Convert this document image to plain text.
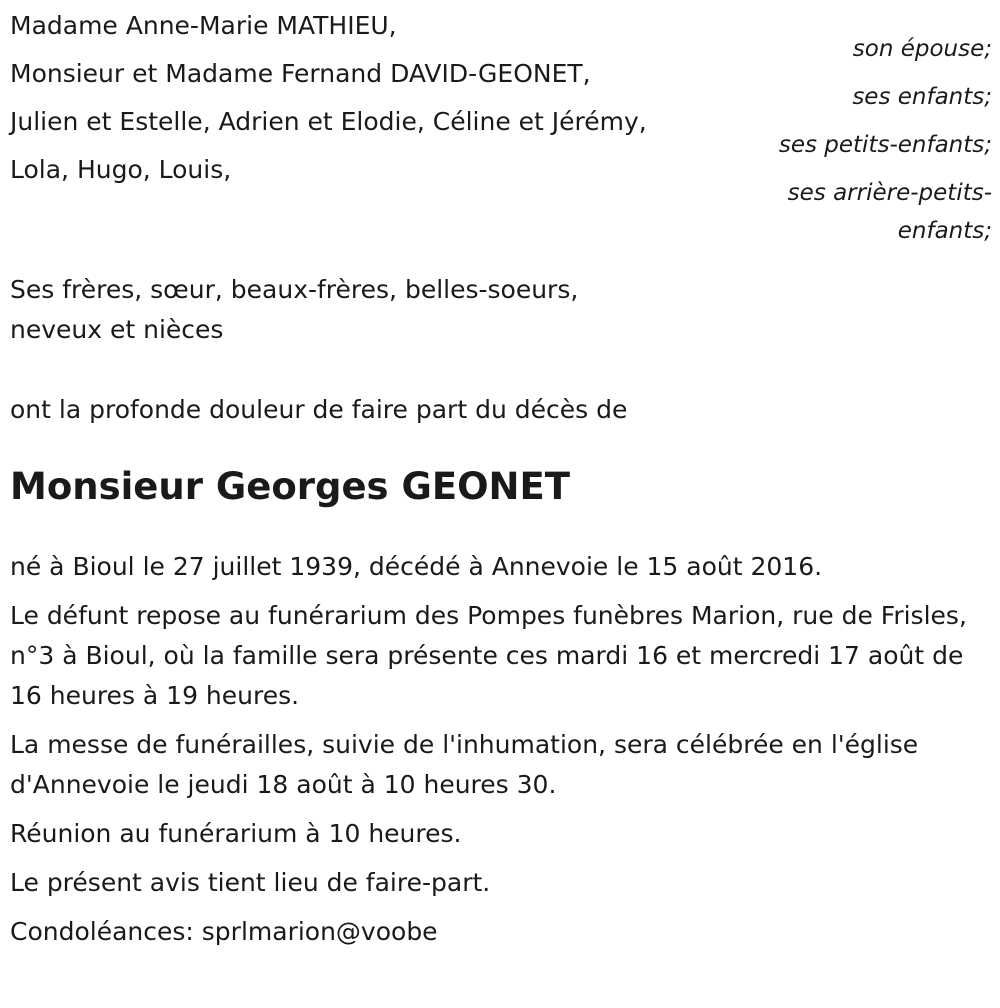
Madame Anne-Marie MATHIEU,
son épouse;
Monsieur et Madame Fernand DAVID-GEONET,
ses enfants;
Julien et Estelle, Adrien et Elodie, Céline et Jérémy,
ses petits-enfants;
Lola, Hugo, Louis,
ses arrière-petits-enfants;
Ses frères, sœur, beaux-frères, belles-soeurs,
neveux et nièces
ont la profonde douleur de faire part du décès de
Monsieur Georges GEONET
né à Bioul le 27 juillet 1939, décédé à Annevoie le 15 août 2016.
Le défunt repose au funérarium des Pompes funèbres Marion, rue de Frisles, n°3 à Bioul, où la famille sera présente ces mardi 16 et mercredi 17 août de 16 heures à 19 heures.
La messe de funérailles, suivie de l'inhumation, sera célébrée en l'église d'Annevoie le jeudi 18 août à 10 heures 30.
Réunion au funérarium à 10 heures.
Le présent avis tient lieu de faire-part.
Condoléances: sprlmarion@voobe
